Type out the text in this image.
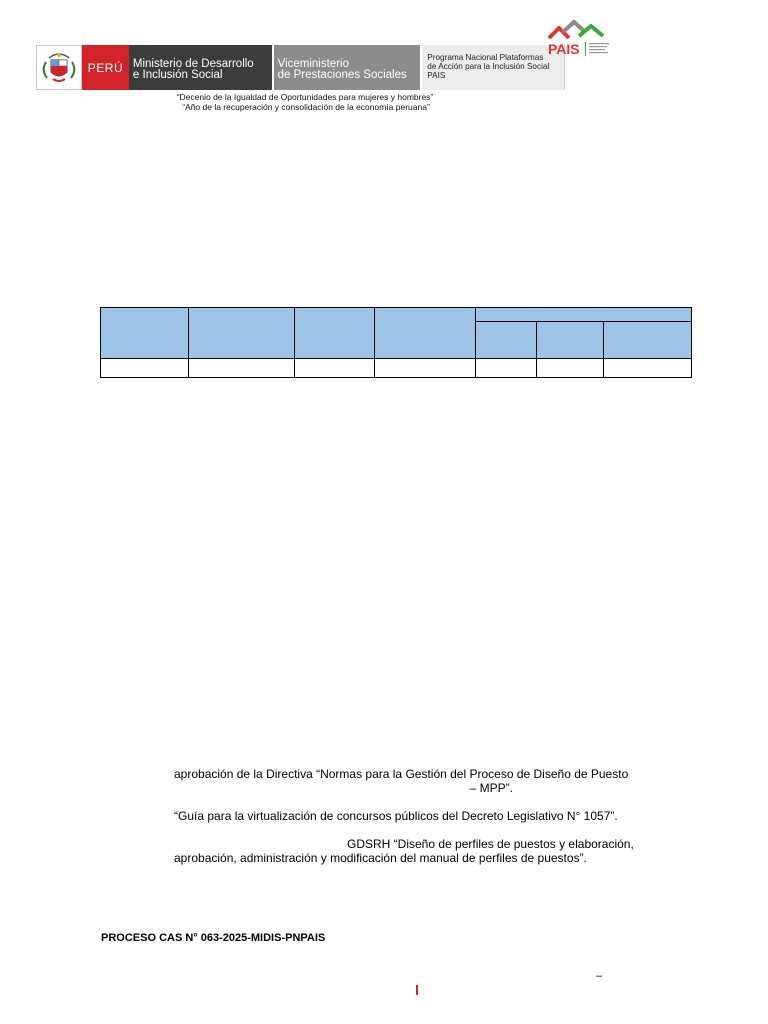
PERÚ Ministerio de Desarrollo
e Inclusión Social
Viceministerio
de Prestaciones Sociales
Programa Nacional Plataformas
de Acción para la Inclusión Social
PAIS
PAIS
“Decenio de la Igualdad de Oportunidades para mujeres y hombres”
“Año de la recuperación y consolidación de la economía peruana”

aprobación de la Directiva “Normas para la Gestión del Proceso de Diseño de Puesto
– MPP”.
“Guía para la virtualización de concursos públicos del Decreto Legislativo N° 1057”.
GDSRH “Diseño de perfiles de puestos y elaboración,
aprobación, administración y modificación del manual de perfiles de puestos”.
PROCESO CAS N° 063-2025-MIDIS-PNPAIS
–
